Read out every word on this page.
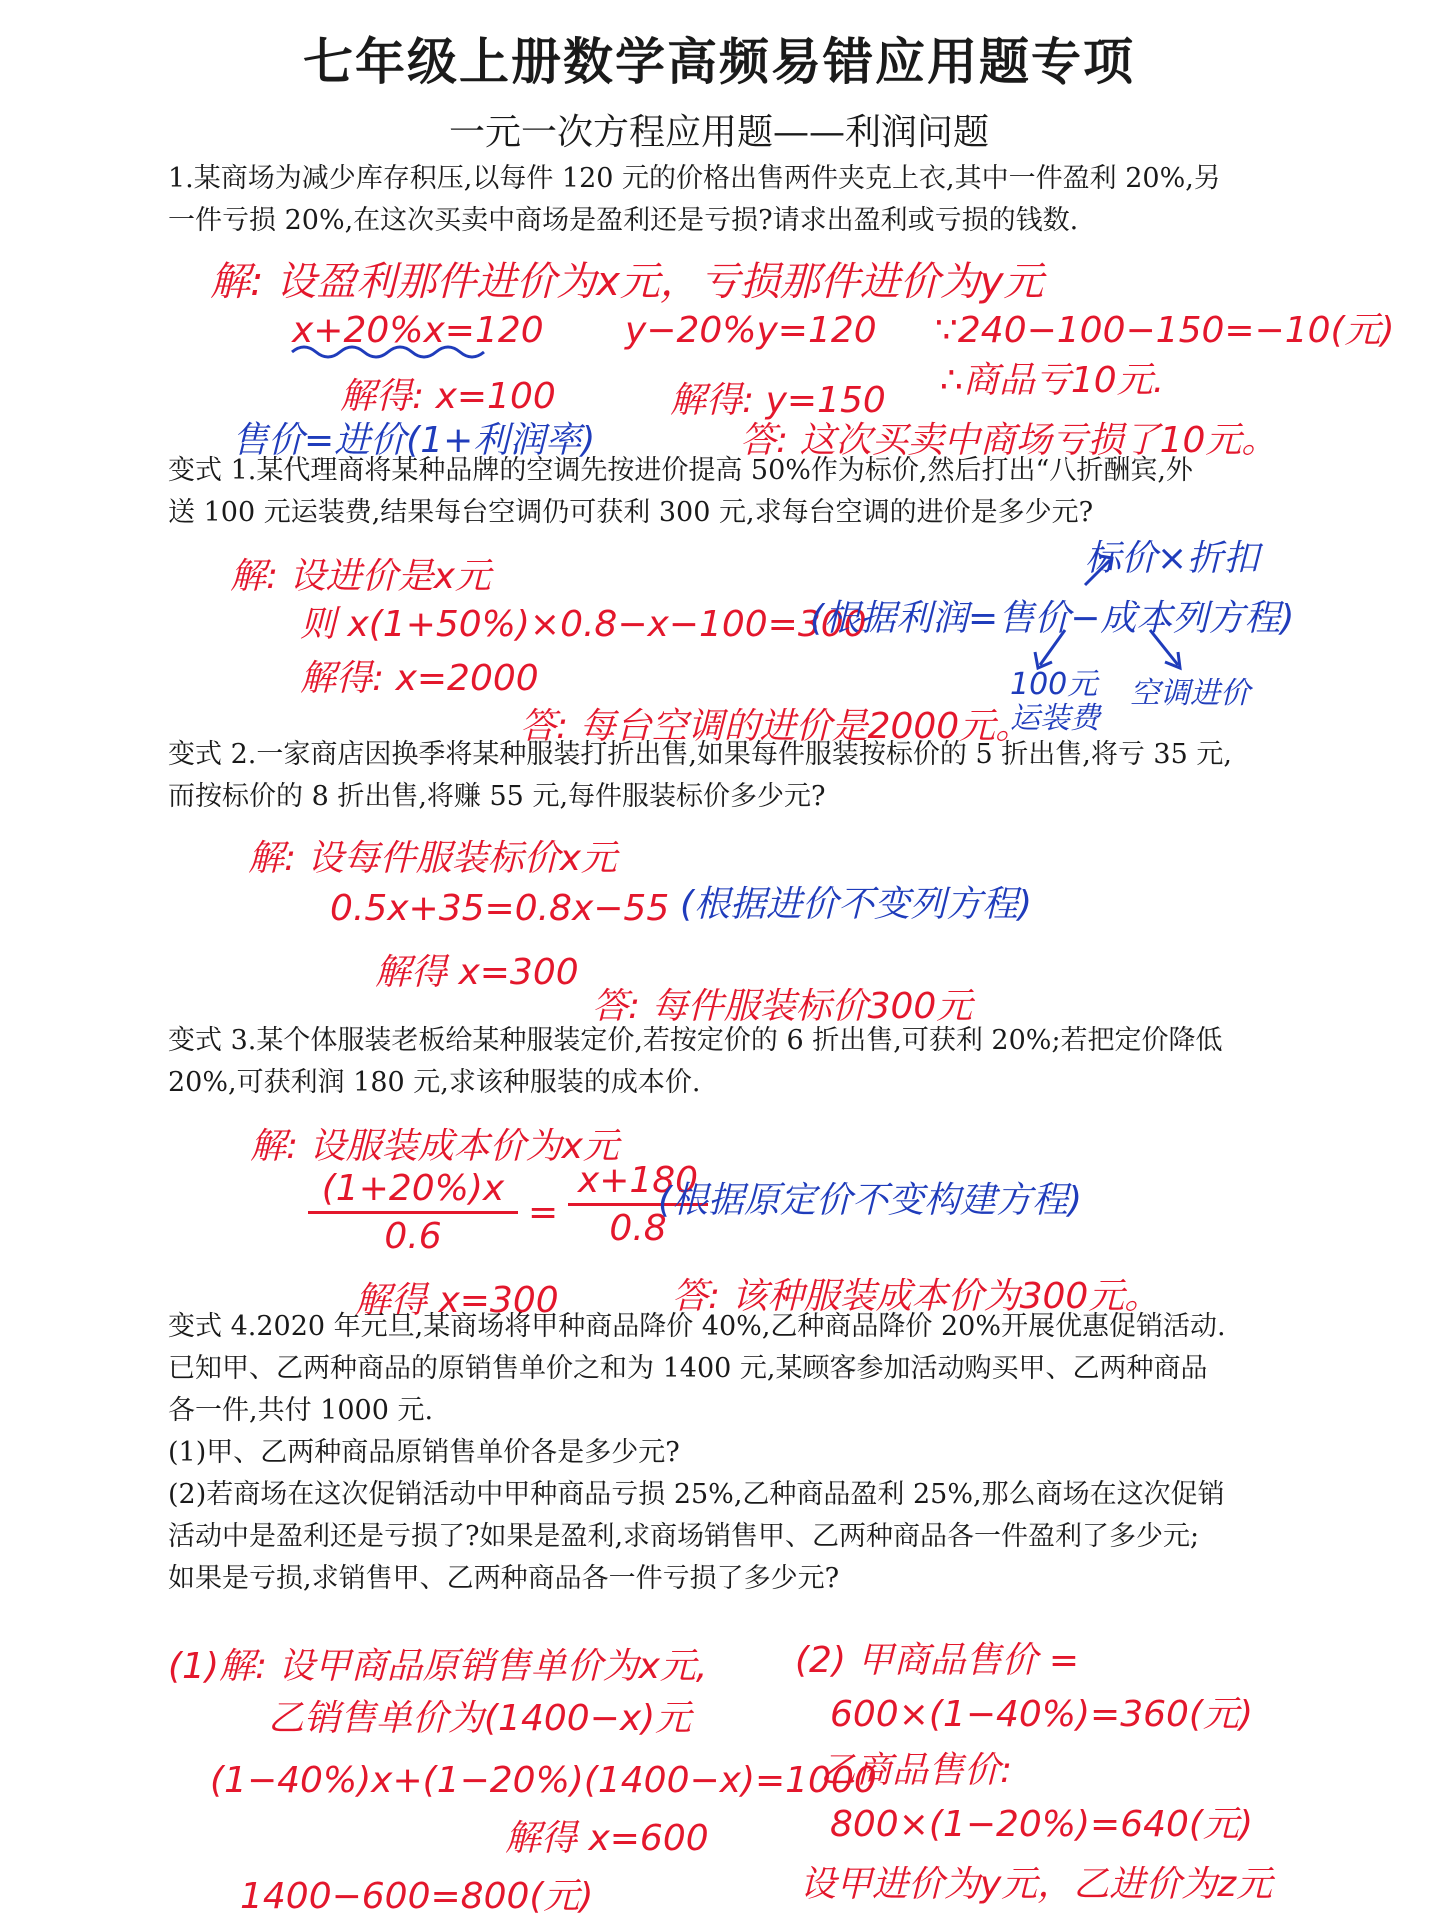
七年级上册数学高频易错应用题专项
一元一次方程应用题——利润问题

1.某商场为减少库存积压,以每件 120 元的价格出售两件夹克上衣,其中一件盈利 20%,另

一件亏损 20%,在这次买卖中商场是盈利还是亏损?请求出盈利或亏损的钱数.

解: 设盈利那件进价为x元，亏损那件进价为y元
x+20%x=120 y−20%y=120 ∵240−100−150=−10(元)
解得: x=100	解得: y=150 ∴商品亏10元.
售价=进价(1+利润率)	答: 这次买卖中商场亏损了10元。

变式 1.某代理商将某种品牌的空调先按进价提高 50%作为标价,然后打出“八折酬宾,外

送 100 元运装费,结果每台空调仍可获利 300 元,求每台空调的进价是多少元?

标价×折扣
解: 设进价是x元
则 x(1+50%)×0.8−x−100=300
(根据利润=售价−成本列方程)
解得: x=2000	100元运装费
空调进价
答: 每台空调的进价是2000元。

变式 2.一家商店因换季将某种服装打折出售,如果每件服装按标价的 5 折出售,将亏 35 元,

而按标价的 8 折出售,将赚 55 元,每件服装标价多少元?

解: 设每件服装标价x元
0.5x+35=0.8x−55 (根据进价不变列方程)
解得 x=300
答: 每件服装标价300元

变式 3.某个体服装老板给某种服装定价,若按定价的 6 折出售,可获利 20%;若把定价降低

20%,可获利润 180 元,求该种服装的成本价.

解: 设服装成本价为x元
(1+20%)x
0.6
=
x+180
0.8
(根据原定价不变构建方程)
解得 x=300	答: 该种服装成本价为300元。

变式 4.2020 年元旦,某商场将甲种商品降价 40%,乙种商品降价 20%开展优惠促销活动.

已知甲、乙两种商品的原销售单价之和为 1400 元,某顾客参加活动购买甲、乙两种商品

各一件,共付 1000 元.

(1)甲、乙两种商品原销售单价各是多少元?

(2)若商场在这次促销活动中甲种商品亏损 25%,乙种商品盈利 25%,那么商场在这次促销

活动中是盈利还是亏损了?如果是盈利,求商场销售甲、乙两种商品各一件盈利了多少元;

如果是亏损,求销售甲、乙两种商品各一件亏损了多少元?

(1)解: 设甲商品原销售单价为x元,
乙销售单价为(1400−x)元
(1−40%)x+(1−20%)(1400−x)=1000
解得 x=600
1400−600=800(元)
(2) 甲商品售价 =
600×(1−40%)=360(元)
乙商品售价:
800×(1−20%)=640(元)
设甲进价为y元，乙进价为z元
